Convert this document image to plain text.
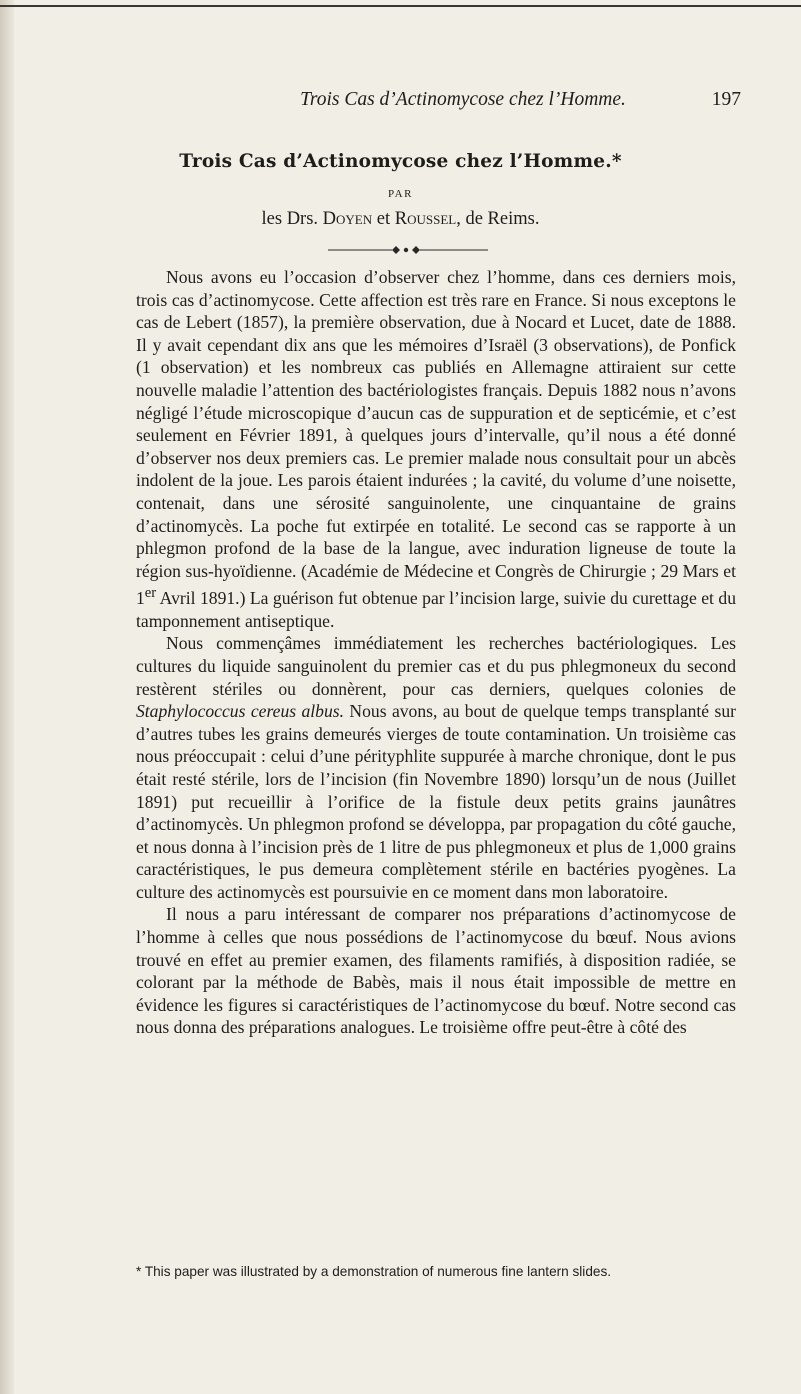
Trois Cas d’Actinomycose chez l’Homme.	197
Trois Cas d’Actinomycose chez l’Homme.*
PAR
les Drs. Doyen et Roussel, de Reims.

Nous avons eu l’occasion d’observer chez l’homme, dans ces derniers mois, trois cas d’actinomycose. Cette affection est très rare en France. Si nous exceptons le cas de Lebert (1857), la première observation, due à Nocard et Lucet, date de 1888. Il y avait cependant dix ans que les mémoires d’Israël (3 observations), de Ponfick (1 observation) et les nombreux cas publiés en Allemagne attiraient sur cette nouvelle maladie l’attention des bactériologistes français. Depuis 1882 nous n’avons négligé l’étude microscopique d’aucun cas de suppuration et de septicémie, et c’est seulement en Février 1891, à quelques jours d’intervalle, qu’il nous a été donné d’observer nos deux premiers cas. Le premier malade nous consultait pour un abcès indolent de la joue. Les parois étaient indurées ; la cavité, du volume d’une noisette, contenait, dans une sérosité sanguinolente, une cinquantaine de grains d’actinomycès. La poche fut extirpée en totalité. Le second cas se rapporte à un phlegmon profond de la base de la langue, avec induration ligneuse de toute la région sus-hyoïdienne. (Académie de Médecine et Congrès de Chirurgie ; 29 Mars et 1er Avril 1891.) La guérison fut obtenue par l’incision large, suivie du curettage et du tamponnement antiseptique.

Nous commençâmes immédiatement les recherches bactériologiques. Les cultures du liquide sanguinolent du premier cas et du pus phlegmoneux du second restèrent stériles ou donnèrent, pour cas derniers, quelques colonies de Staphylococcus cereus albus. Nous avons, au bout de quelque temps transplanté sur d’autres tubes les grains demeurés vierges de toute contamination. Un troisième cas nous préoccupait : celui d’une pérityphlite suppurée à marche chronique, dont le pus était resté stérile, lors de l’incision (fin Novembre 1890) lorsqu’un de nous (Juillet 1891) put recueillir à l’orifice de la fistule deux petits grains jaunâtres d’actinomycès. Un phlegmon profond se développa, par propagation du côté gauche, et nous donna à l’incision près de 1 litre de pus phlegmoneux et plus de 1,000 grains caractéristiques, le pus demeura complètement stérile en bactéries pyogènes. La culture des actinomycès est poursuivie en ce moment dans mon laboratoire.

Il nous a paru intéressant de comparer nos préparations d’actinomycose de l’homme à celles que nous possédions de l’actinomycose du bœuf. Nous avions trouvé en effet au premier examen, des filaments ramifiés, à disposition radiée, se colorant par la méthode de Babès, mais il nous était impossible de mettre en évidence les figures si caractéristiques de l’actinomycose du bœuf. Notre second cas nous donna des préparations analogues. Le troisième offre peut-être à côté des

* This paper was illustrated by a demonstration of numerous fine lantern slides.
